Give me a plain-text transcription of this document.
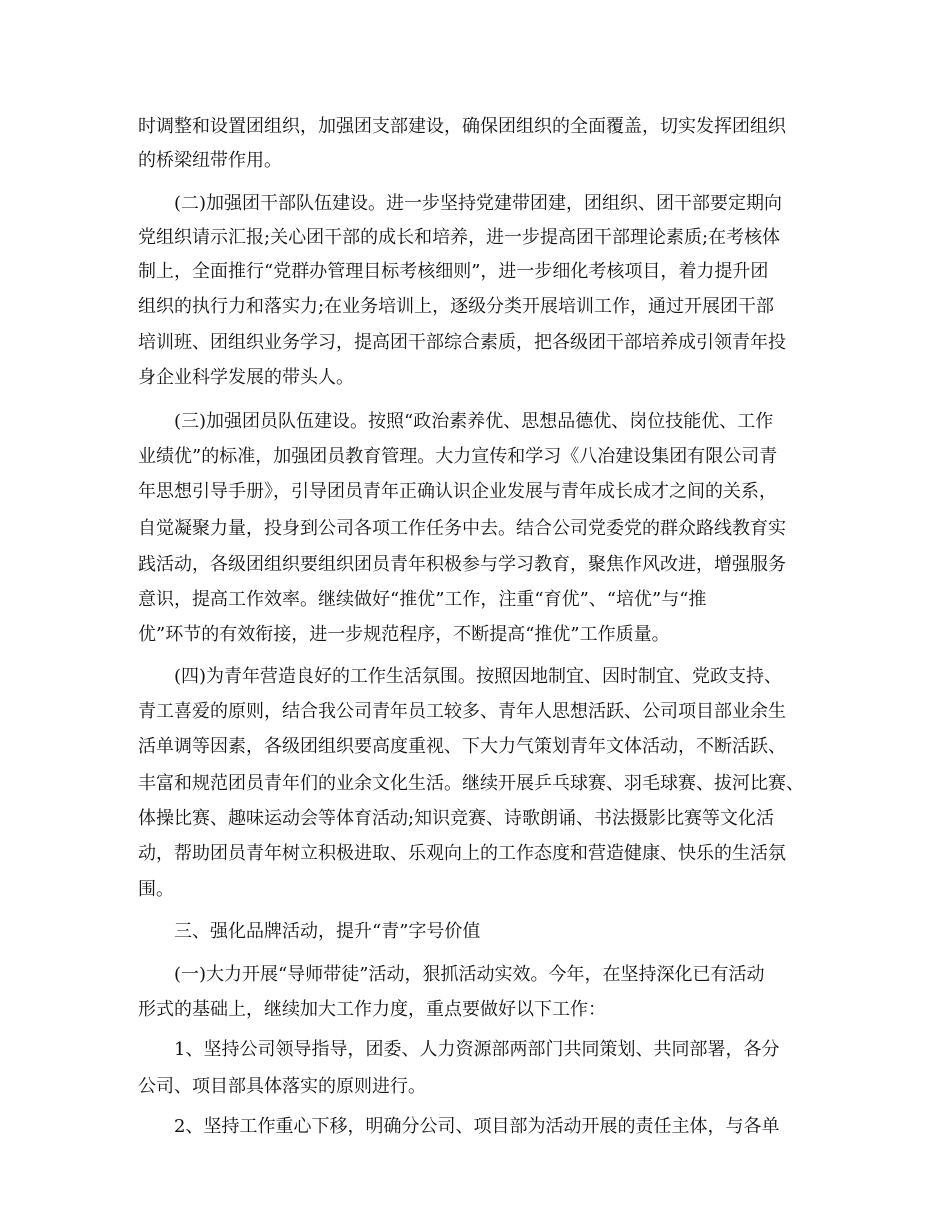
时调整和设置团组织，加强团支部建设，确保团组织的全面覆盖，切实发挥团组织
的桥梁纽带作用。
(二)加强团干部队伍建设。进一步坚持党建带团建，团组织、团干部要定期向
党组织请示汇报;关心团干部的成长和培养，进一步提高团干部理论素质;在考核体
制上，全面推行“党群办管理目标考核细则”，进一步细化考核项目，着力提升团
组织的执行力和落实力;在业务培训上，逐级分类开展培训工作，通过开展团干部
培训班、团组织业务学习，提高团干部综合素质，把各级团干部培养成引领青年投
身企业科学发展的带头人。
(三)加强团员队伍建设。按照“政治素养优、思想品德优、岗位技能优、工作
业绩优”的标准，加强团员教育管理。大力宣传和学习《八冶建设集团有限公司青
年思想引导手册》，引导团员青年正确认识企业发展与青年成长成才之间的关系，
自觉凝聚力量，投身到公司各项工作任务中去。结合公司党委党的群众路线教育实
践活动，各级团组织要组织团员青年积极参与学习教育，聚焦作风改进，增强服务
意识，提高工作效率。继续做好“推优”工作，注重“育优”、“培优”与“推
优”环节的有效衔接，进一步规范程序，不断提高“推优”工作质量。
(四)为青年营造良好的工作生活氛围。按照因地制宜、因时制宜、党政支持、
青工喜爱的原则，结合我公司青年员工较多、青年人思想活跃、公司项目部业余生
活单调等因素，各级团组织要高度重视、下大力气策划青年文体活动，不断活跃、
丰富和规范团员青年们的业余文化生活。继续开展乒乓球赛、羽毛球赛、拔河比赛、
体操比赛、趣味运动会等体育活动;知识竞赛、诗歌朗诵、书法摄影比赛等文化活
动，帮助团员青年树立积极进取、乐观向上的工作态度和营造健康、快乐的生活氛
围。
三、强化品牌活动，提升“青”字号价值
(一)大力开展“导师带徒”活动，狠抓活动实效。今年，在坚持深化已有活动
形式的基础上，继续加大工作力度，重点要做好以下工作：
1、坚持公司领导指导，团委、人力资源部两部门共同策划、共同部署，各分
公司、项目部具体落实的原则进行。
2、坚持工作重心下移，明确分公司、项目部为活动开展的责任主体，与各单
